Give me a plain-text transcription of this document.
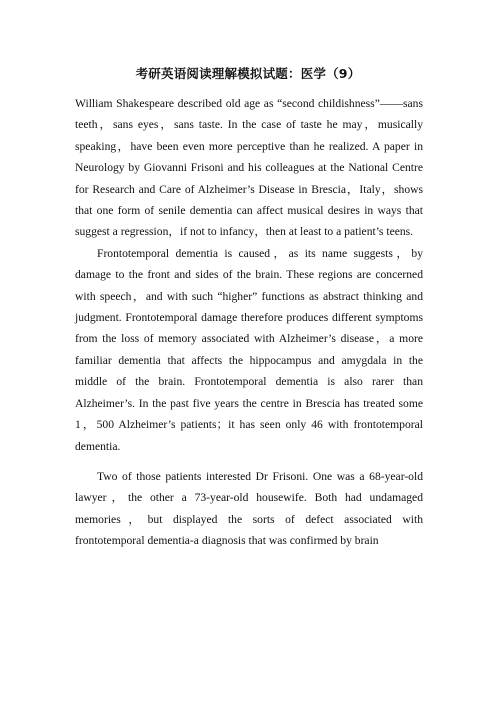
考研英语阅读理解模拟试题：医学（9）

William Shakespeare described old age as “second childishness”——sans teeth，sans eyes，sans taste. In the case of taste he may，musically speaking，have been even more perceptive than he realized. A paper in Neurology by Giovanni Frisoni and his colleagues at the National Centre for Research and Care of Alzheimer’s Disease in Brescia，Italy，shows that one form of senile dementia can affect musical desires in ways that suggest a regression，if not to infancy，then at least to a patient’s teens.

Frontotemporal dementia is caused，as its name suggests，by damage to the front and sides of the brain. These regions are concerned with speech，and with such “higher” functions as abstract thinking and judgment. Frontotemporal damage therefore produces different symptoms from the loss of memory associated with Alzheimer’s disease，a more familiar dementia that affects the hippocampus and amygdala in the middle of the brain. Frontotemporal dementia is also rarer than Alzheimer’s. In the past five years the centre in Brescia has treated some 1，500 Alzheimer’s patients；it has seen only 46 with frontotemporal dementia.

Two of those patients interested Dr Frisoni. One was a 68-year-old lawyer，the other a 73-year-old housewife. Both had undamaged memories，but displayed the sorts of defect associated with frontotemporal dementia-a diagnosis that was confirmed by brain
